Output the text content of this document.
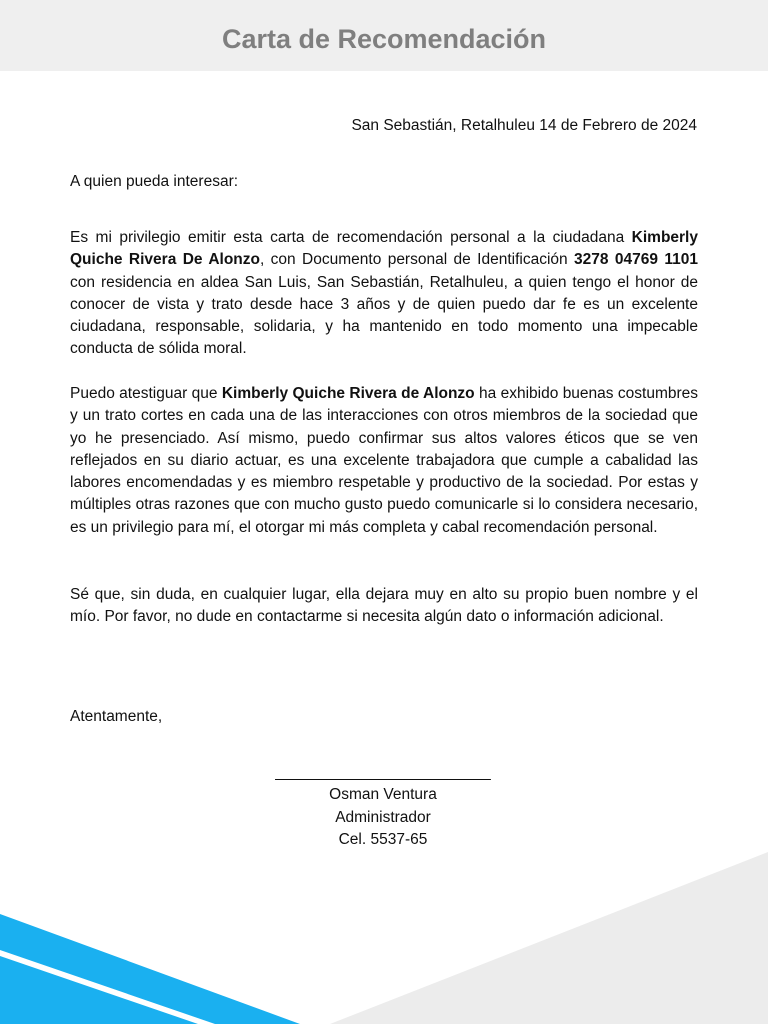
Carta de Recomendación
San Sebastián, Retalhuleu 14 de Febrero de 2024
A quien pueda interesar:

Es mi privilegio emitir esta carta de recomendación personal a la ciudadana Kimberly Quiche Rivera De Alonzo, con Documento personal de Identificación 3278 04769 1101 con residencia en aldea San Luis, San Sebastián, Retalhuleu, a quien tengo el honor de conocer de vista y trato desde hace 3 años y de quien puedo dar fe es un excelente ciudadana, responsable, solidaria, y ha mantenido en todo momento una impecable conducta de sólida moral.

Puedo atestiguar que Kimberly Quiche Rivera de Alonzo ha exhibido buenas costumbres y un trato cortes en cada una de las interacciones con otros miembros de la sociedad que yo he presenciado. Así mismo, puedo confirmar sus altos valores éticos que se ven reflejados en su diario actuar, es una excelente trabajadora que cumple a cabalidad las labores encomendadas y es miembro respetable y productivo de la sociedad. Por estas y múltiples otras razones que con mucho gusto puedo comunicarle si lo considera necesario, es un privilegio para mí, el otorgar mi más completa y cabal recomendación personal.

Sé que, sin duda, en cualquier lugar, ella dejara muy en alto su propio buen nombre y el mío. Por favor, no dude en contactarme si necesita algún dato o información adicional.

Atentamente,
_________________________
Osman Ventura
Administrador
Cel. 5537-65
